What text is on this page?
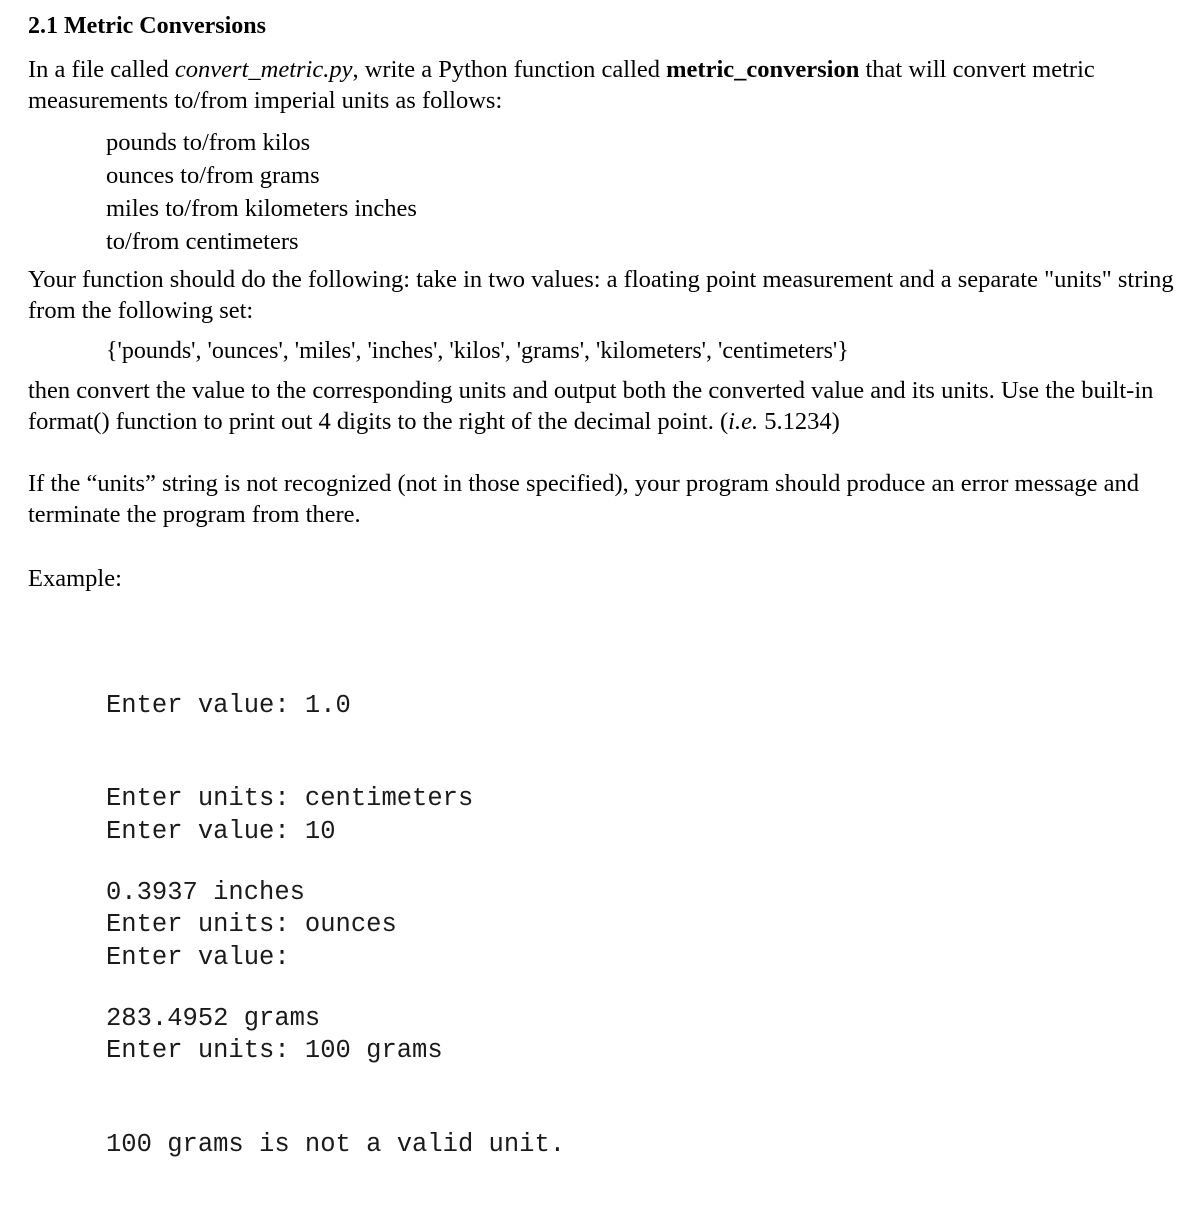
2.1 Metric Conversions

In a file called convert_metric.py, write a Python function called metric_conversion that will convert metric measurements to/from imperial units as follows:

pounds to/from kilos
ounces to/from grams
miles to/from kilometers inches
to/from centimeters

Your function should do the following: take in two values: a floating point measurement and a separate "units" string from the following set:

{'pounds', 'ounces', 'miles', 'inches', 'kilos', 'grams', 'kilometers', 'centimeters'}

then convert the value to the corresponding units and output both the converted value and its units. Use the built-in format() function to print out 4 digits to the right of the decimal point. (i.e. 5.1234)

If the “units” string is not recognized (not in those specified), your program should produce an error message and terminate the program from there.

Example:

Enter value: 1.0

Enter units: centimeters

0.3937 inches

Enter value: 10

Enter units: ounces

283.4952 grams

Enter value:

Enter units: 100 grams

100 grams is not a valid unit.
